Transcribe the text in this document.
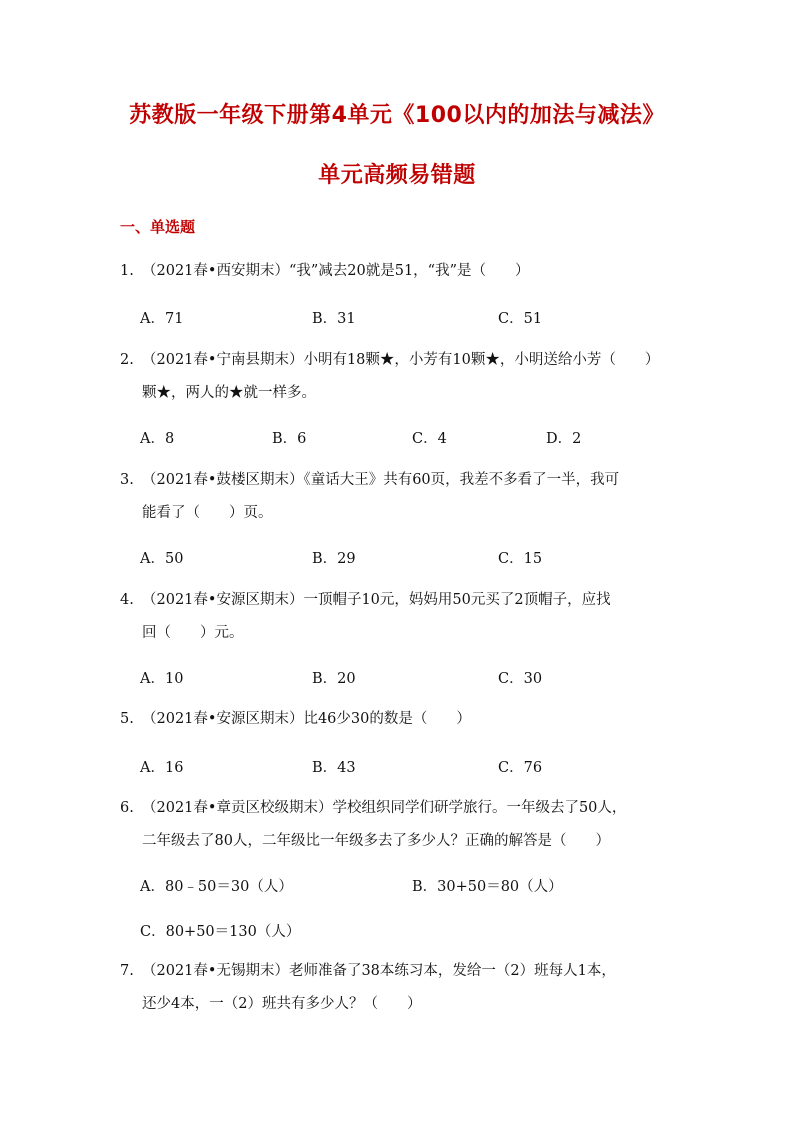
苏教版一年级下册第4单元《100以内的加法与减法》
单元高频易错题
一、单选题
1. （2021春•西安期末）“我”减去20就是51，“我”是（　　）
A．71	B．31	C．51
2. （2021春•宁南县期末）小明有18颗★，小芳有10颗★，小明送给小芳（　　）
颗★，两人的★就一样多。
A．8	B．6	C．4	D．2
3. （2021春•鼓楼区期末）《童话大王》共有60页，我差不多看了一半，我可
能看了（　　）页。
A．50	B．29	C．15
4. （2021春•安源区期末）一顶帽子10元，妈妈用50元买了2顶帽子，应找
回（　　）元。
A．10	B．20	C．30
5. （2021春•安源区期末）比46少30的数是（　　）
A．16	B．43	C．76
6. （2021春•章贡区校级期末）学校组织同学们研学旅行。一年级去了50人，
二年级去了80人，二年级比一年级多去了多少人？正确的解答是（　　）
A．80﹣50＝30（人）	B．30+50＝80（人）
C．80+50＝130（人）
7. （2021春•无锡期末）老师准备了38本练习本，发给一（2）班每人1本，
还少4本，一（2）班共有多少人？（　　）
